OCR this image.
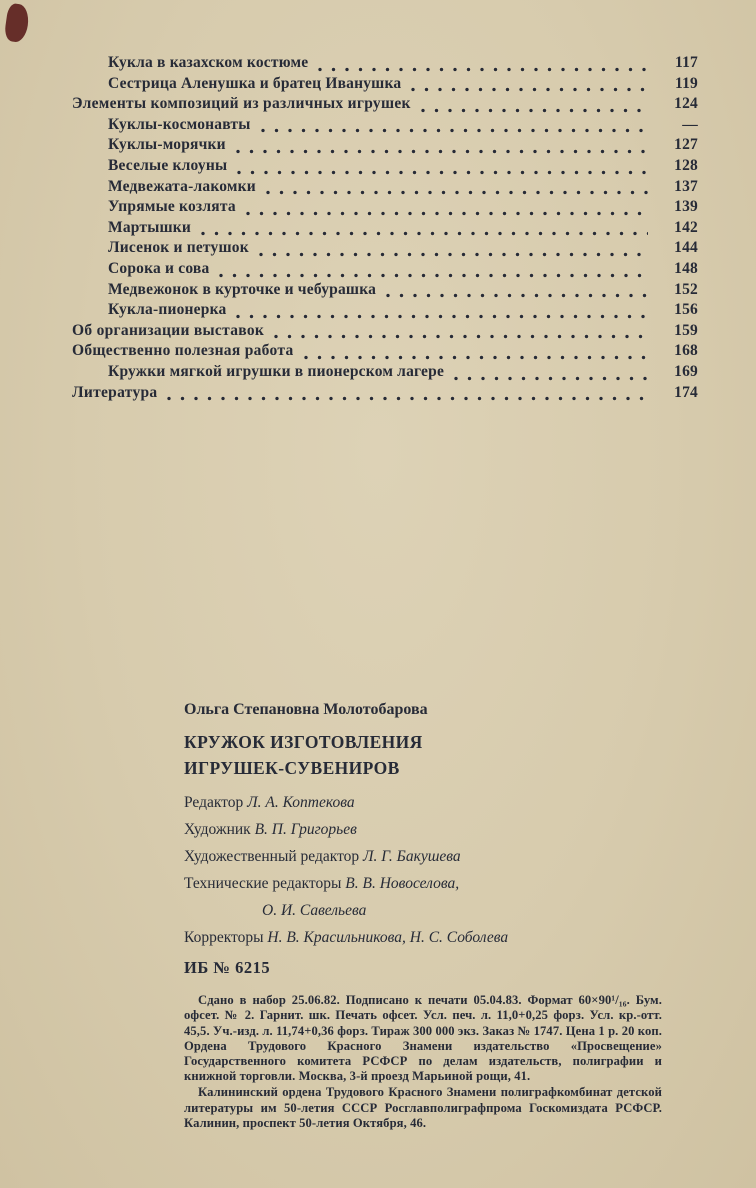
Кукла в казахском костюме	117
Сестрица Аленушка и братец Иванушка	119
Элементы композиций из различных игрушек	124
Куклы-космонавты	—
Куклы-морячки	127
Веселые клоуны	128
Медвежата-лакомки	137
Упрямые козлята	139
Мартышки	142
Лисенок и петушок	144
Сорока и сова	148
Медвежонок в курточке и чебурашка	152
Кукла-пионерка	156
Об организации выставок	159
Общественно полезная работа	168
Кружки мягкой игрушки в пионерском лагере	169
Литература	174

Ольга Степановна Молотобарова

КРУЖОК ИЗГОТОВЛЕНИЯ
ИГРУШЕК-СУВЕНИРОВ

Редактор Л. А. Коптекова

Художник В. П. Григорьев

Художественный редактор Л. Г. Бакушева

Технические редакторы В. В. Новоселова,

О. И. Савельева

Корректоры Н. В. Красильникова, Н. С. Соболева

ИБ № 6215

Сдано в набор 25.06.82. Подписано к печати 05.04.83. Формат 60×90¹/₁₆. Бум. офсет. № 2. Гарнит. шк. Печать офсет. Усл. печ. л. 11,0+0,25 форз. Усл. кр.-отт. 45,5. Уч.-изд. л. 11,74+0,36 форз. Тираж 300 000 экз. Заказ № 1747. Цена 1 р. 20 коп. Ордена Трудового Красного Знамени издательство «Просвещение» Государственного комитета РСФСР по делам издательств, полиграфии и книжной торговли. Москва, 3-й проезд Марьиной рощи, 41.

Калининский ордена Трудового Красного Знамени полиграфкомбинат детской литературы им 50-летия СССР Росглавполиграфпрома Госкомиздата РСФСР. Калинин, проспект 50-летия Октября, 46.
